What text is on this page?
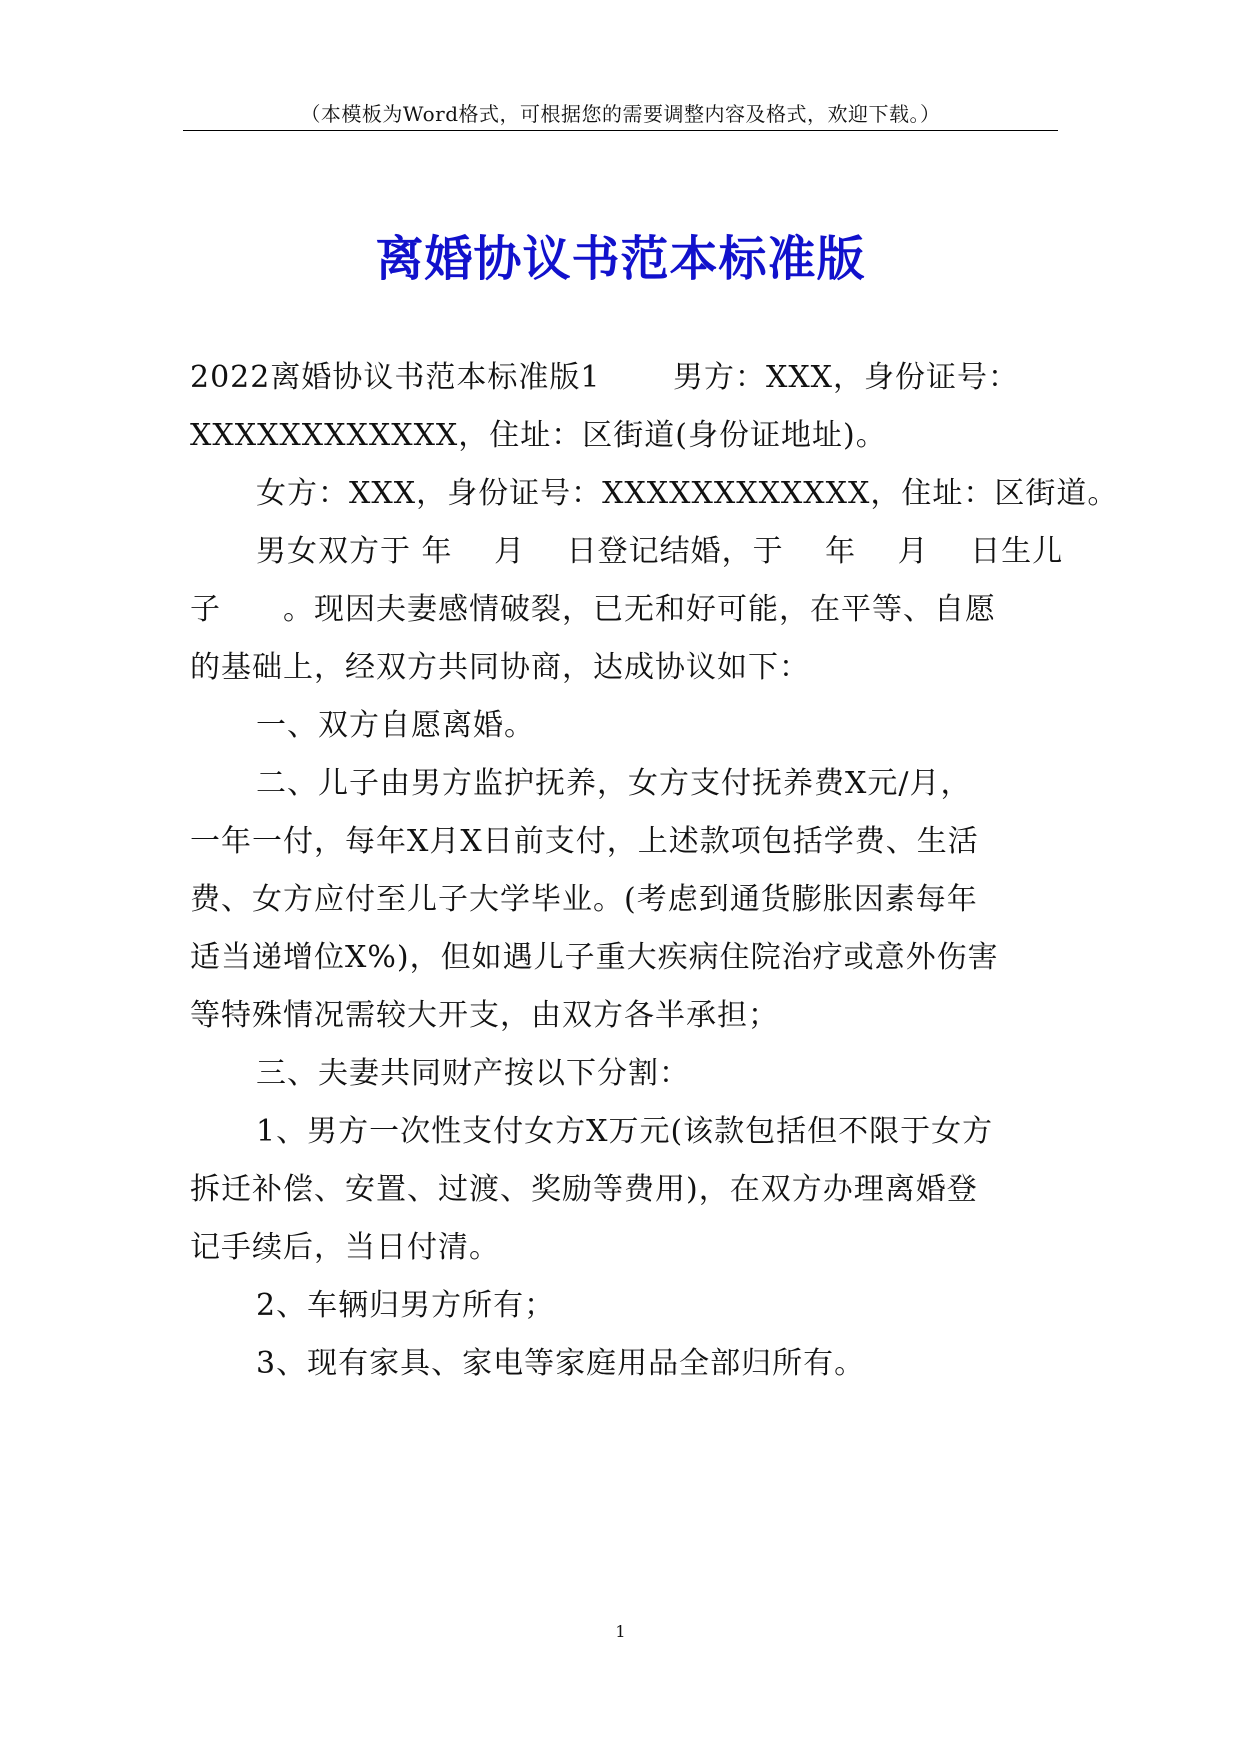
（本模板为Word格式，可根据您的需要调整内容及格式，欢迎下载。）
离婚协议书范本标准版
2022离婚协议书范本标准版1　　 男方：XXX，身份证号：
XXXXXXXXXXXX，住址：区街道(身份证地址)。
女方：XXX，身份证号：XXXXXXXXXXXX，住址：区街道。
男女双方于 年　 月　 日登记结婚，于　 年　 月　 日生儿
子　　。现因夫妻感情破裂，已无和好可能，在平等、自愿
的基础上，经双方共同协商，达成协议如下：
一、双方自愿离婚。
二、儿子由男方监护抚养，女方支付抚养费X元/月，
一年一付，每年X月X日前支付，上述款项包括学费、生活
费、女方应付至儿子大学毕业。(考虑到通货膨胀因素每年
适当递增位X%)，但如遇儿子重大疾病住院治疗或意外伤害
等特殊情况需较大开支，由双方各半承担；
三、夫妻共同财产按以下分割：
1、男方一次性支付女方X万元(该款包括但不限于女方
拆迁补偿、安置、过渡、奖励等费用)，在双方办理离婚登
记手续后，当日付清。
2、车辆归男方所有；
3、现有家具、家电等家庭用品全部归所有。
1
